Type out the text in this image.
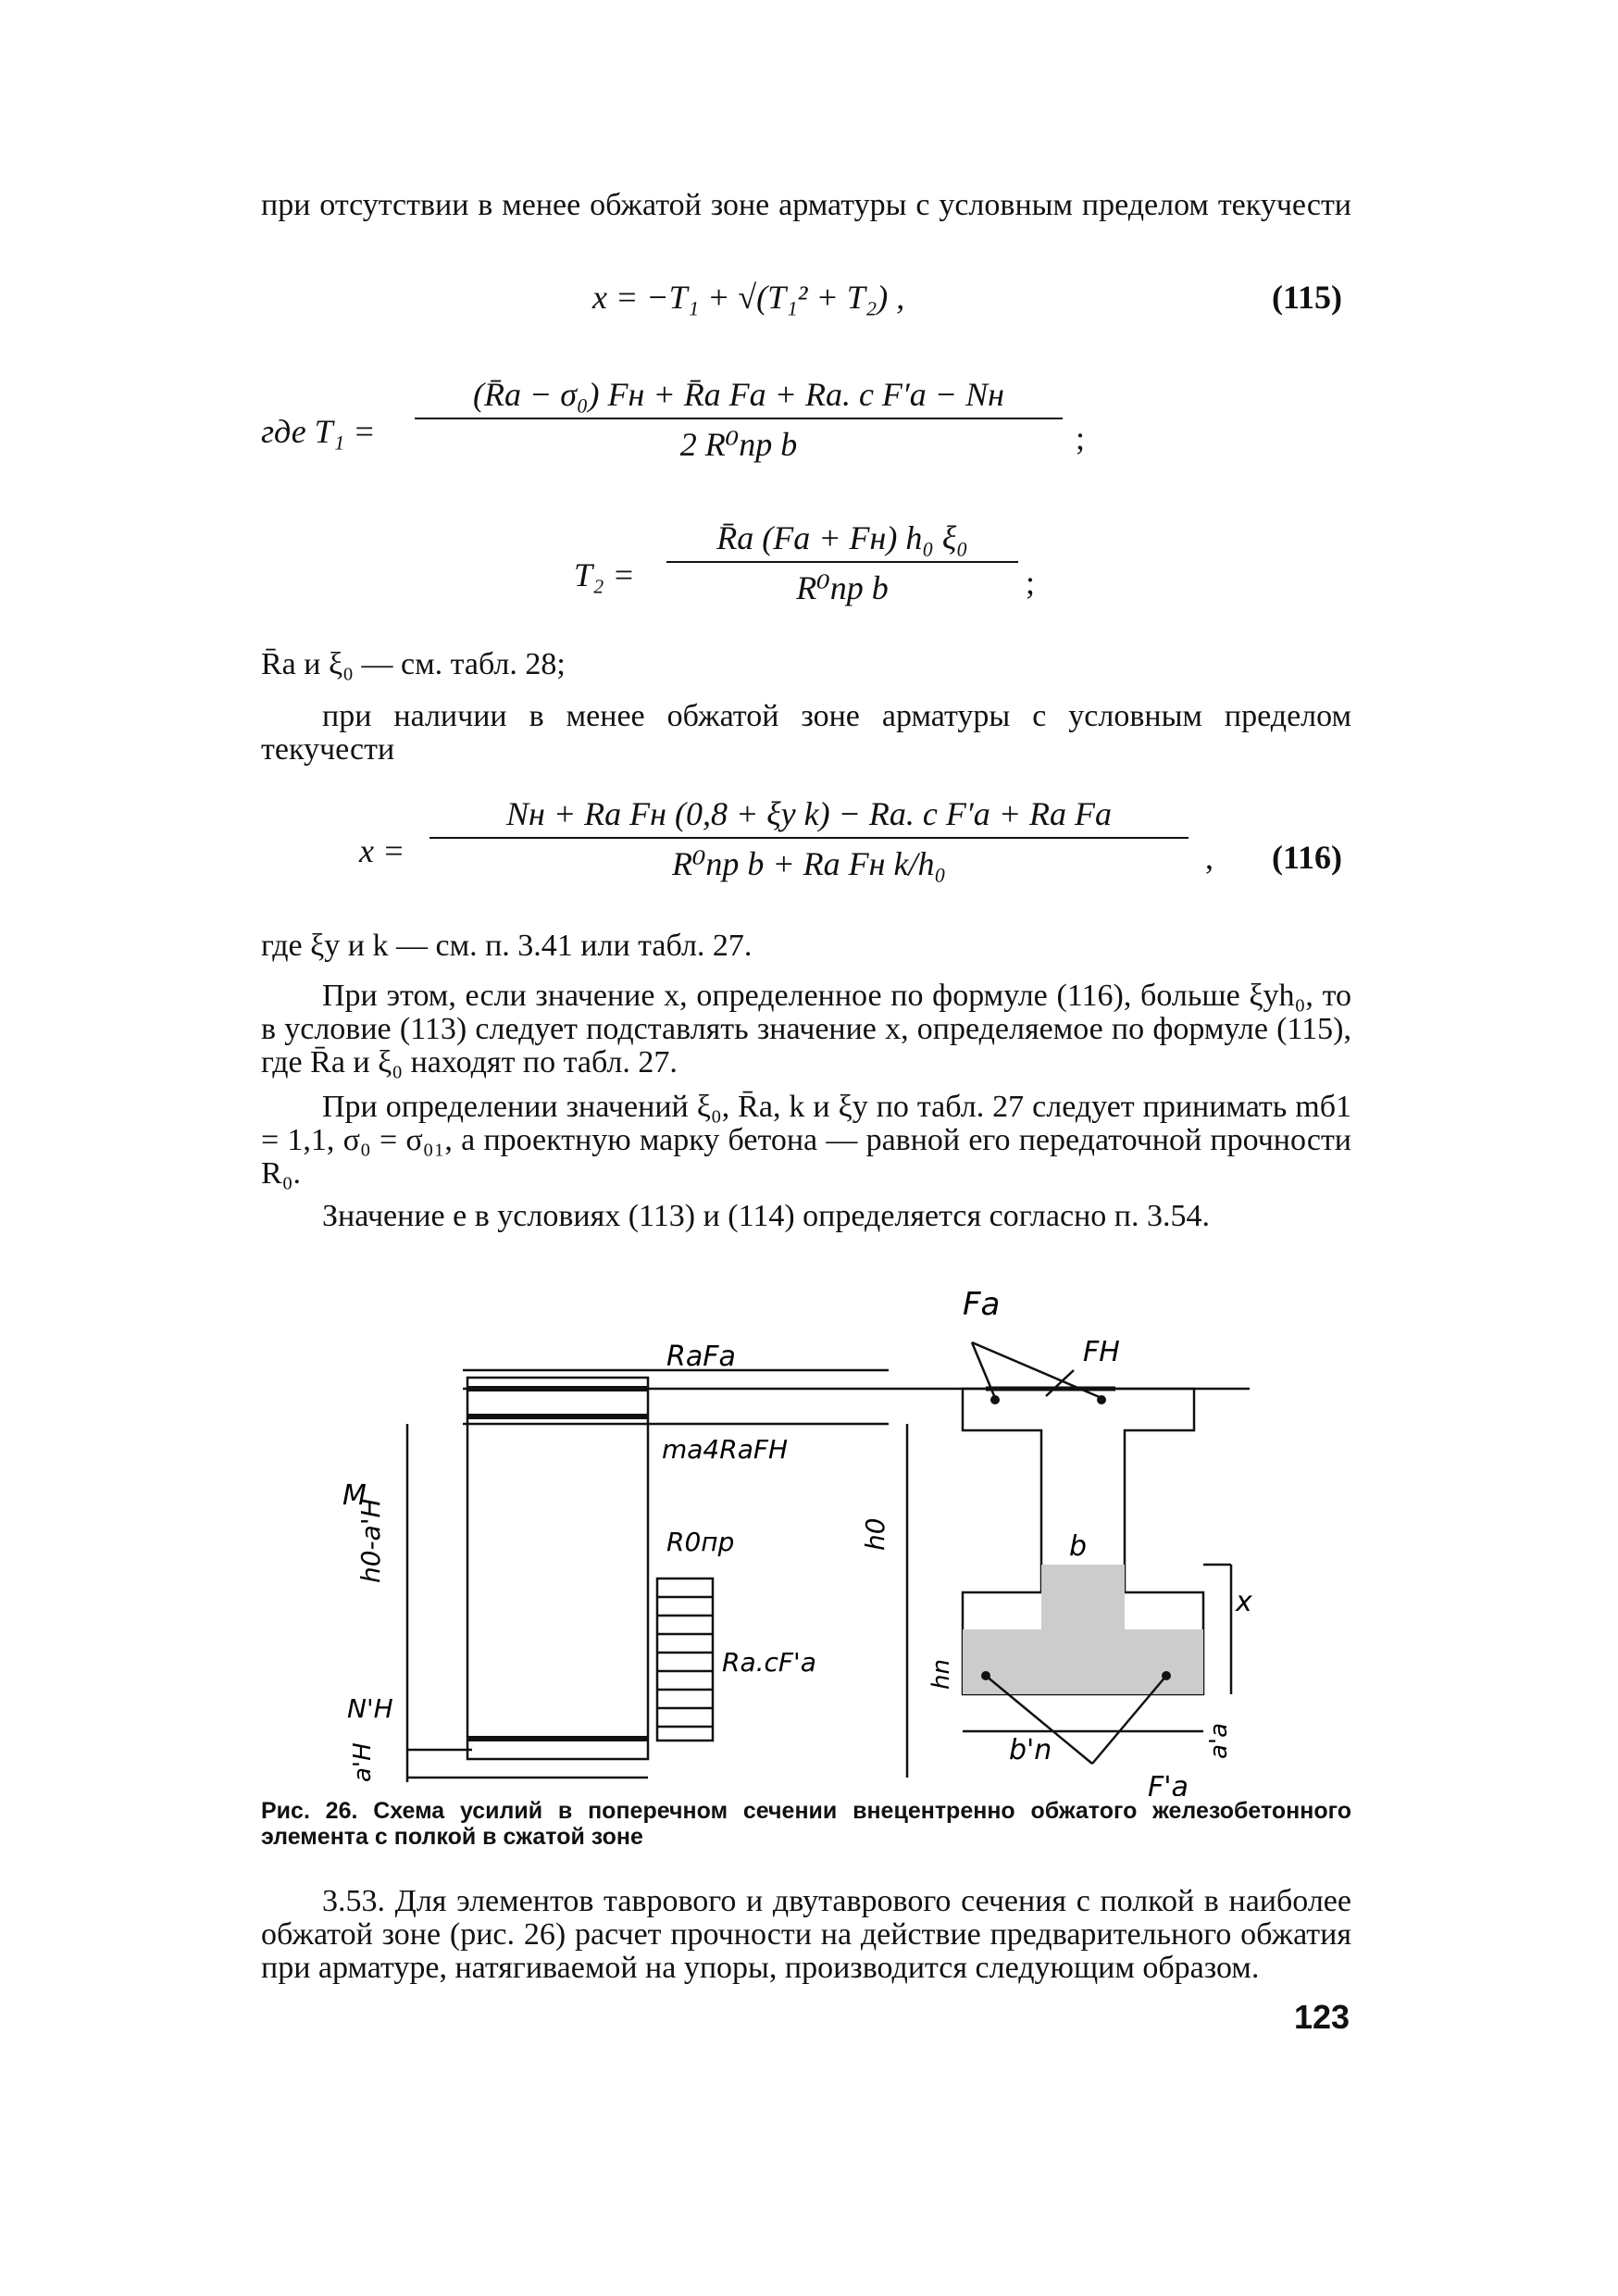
при отсутствии в менее обжатой зоне арматуры с условным пределом текучести
x = −T₁ + √(T₁² + T₂) ,	(115)
где T₁ =
(R̄а − σ₀) Fн + R̄а Fа + Rа. с F′а − Nн
2 R⁰пр b	;
T₂ =
R̄а (Fа + Fн) h₀ ξ₀
R⁰пр b	;
R̄а и ξ₀ — см. табл. 28;
при наличии в менее обжатой зоне арматуры с условным пределом текучести
x =
Nн + Rа Fн (0,8 + ξу k) − Rа. с F′а + Rа Fа
R⁰пр b + Rа Fн k/h₀	, (116)
где ξу и k — см. п. 3.41 или табл. 27.
При этом, если значение x, определенное по формуле (116), больше ξуh₀, то в условие (113) следует подставлять значение x, определяемое по формуле (115), где R̄а и ξ₀ находят по табл. 27.
При определении значений ξ₀, R̄а, k и ξу по табл. 27 следует принимать mб1 = 1,1, σ₀ = σ₀₁, а проектную марку бетона — равной его передаточной прочности R₀.
Значение e в условиях (113) и (114) определяется согласно п. 3.54.
Fa
FH
RaFa
ma4RaFH
M
h0-a'H
N'H
a'H
R0пр
Ra.cF'a
h0
hn
b
x
b'n	a'a
F'a
Рис. 26. Схема усилий в поперечном сечении внецентренно обжатого железобетонного элемента с полкой в сжатой зоне
3.53. Для элементов таврового и двутаврового сечения с полкой в наиболее обжатой зоне (рис. 26) расчет прочности на действие предварительного обжатия при арматуре, натягиваемой на упоры, производится следующим образом.
123
